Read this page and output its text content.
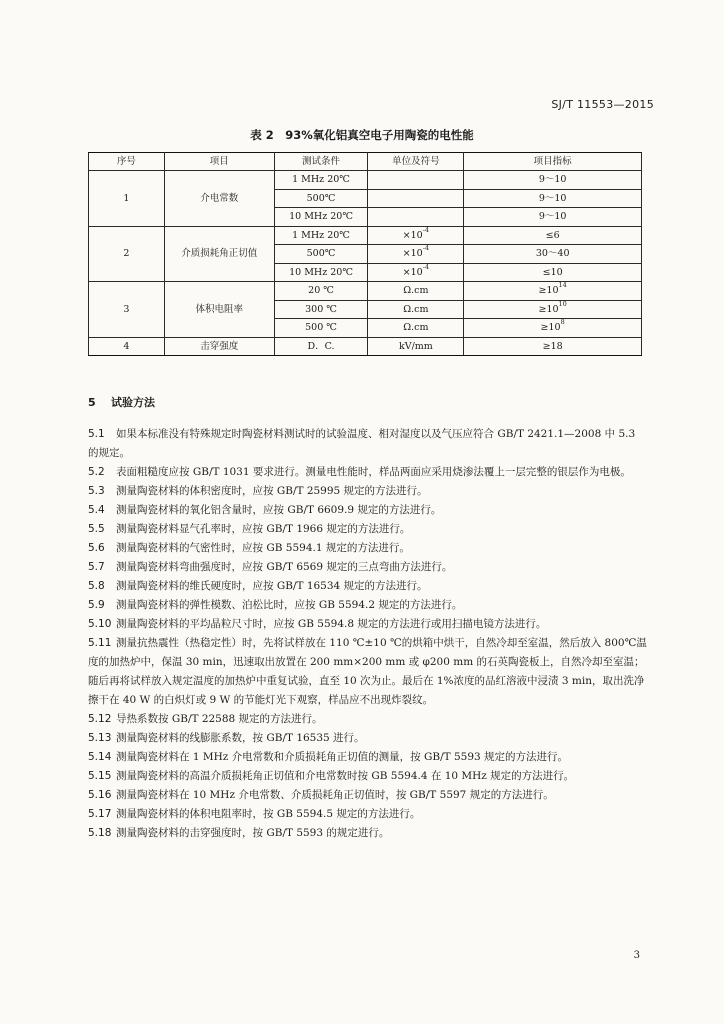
SJ/T 11553—2015
表 2　93%氧化铝真空电子用陶瓷的电性能
序号	项目	测试条件	单位及符号	项目指标
1	介电常数	1 MHz 20℃		9～10
		500℃		9～10
		10 MHz 20℃		9～10
2	介质损耗角正切值	1 MHz 20℃	$\times 10^{-4}$	≤6
		500℃	$\times 10^{-4}$	30～40
		10 MHz 20℃	$\times 10^{-4}$	≤10
3	体积电阻率	20 ℃	Ω.cm	$\ge 10^{14}$
		300 ℃	Ω.cm	$\ge 10^{10}$
		500 ℃	Ω.cm	$\ge 10^8$
4	击穿强度	D．C.	kV/mm	≥18
5 试验方法
5.1 如果本标准没有特殊规定时陶瓷材料测试时的试验温度、相对湿度以及气压应符合 GB/T 2421.1—2008 中 5.3 的规定。
5.2 表面粗糙度应按 GB/T 1031 要求进行。测量电性能时，样品两面应采用烧渗法覆上一层完整的银层作为电极。
5.3 测量陶瓷材料的体积密度时，应按 GB/T 25995 规定的方法进行。
5.4 测量陶瓷材料的氧化铝含量时，应按 GB/T 6609.9 规定的方法进行。
5.5 测量陶瓷材料显气孔率时，应按 GB/T 1966 规定的方法进行。
5.6 测量陶瓷材料的气密性时，应按 GB 5594.1 规定的方法进行。
5.7 测量陶瓷材料弯曲强度时，应按 GB/T 6569 规定的三点弯曲方法进行。
5.8 测量陶瓷材料的维氏硬度时，应按 GB/T 16534 规定的方法进行。
5.9 测量陶瓷材料的弹性模数、泊松比时，应按 GB 5594.2 规定的方法进行。
5.10 测量陶瓷材料的平均晶粒尺寸时，应按 GB 5594.8 规定的方法进行或用扫描电镜方法进行。
5.11 测量抗热震性（热稳定性）时，先将试样放在 110 ℃±10 ℃的烘箱中烘干，自然冷却至室温，然后放入 800℃温度的加热炉中，保温 30 min，迅速取出放置在 200 mm×200 mm 或 φ200 mm 的石英陶瓷板上，自然冷却至室温；随后再将试样放入规定温度的加热炉中重复试验，直至 10 次为止。最后在 1%浓度的品红溶液中浸渍 3 min，取出洗净擦干在 40 W 的白炽灯或 9 W 的节能灯光下观察，样品应不出现炸裂纹。
5.12 导热系数按 GB/T 22588 规定的方法进行。
5.13 测量陶瓷材料的线膨胀系数，按 GB/T 16535 进行。
5.14 测量陶瓷材料在 1 MHz 介电常数和介质损耗角正切值的测量，按 GB/T 5593 规定的方法进行。
5.15 测量陶瓷材料的高温介质损耗角正切值和介电常数时按 GB 5594.4 在 10 MHz 规定的方法进行。
5.16 测量陶瓷材料在 10 MHz 介电常数、介质损耗角正切值时，按 GB/T 5597 规定的方法进行。
5.17 测量陶瓷材料的体积电阻率时，按 GB 5594.5 规定的方法进行。
5.18 测量陶瓷材料的击穿强度时，按 GB/T 5593 的规定进行。
3
